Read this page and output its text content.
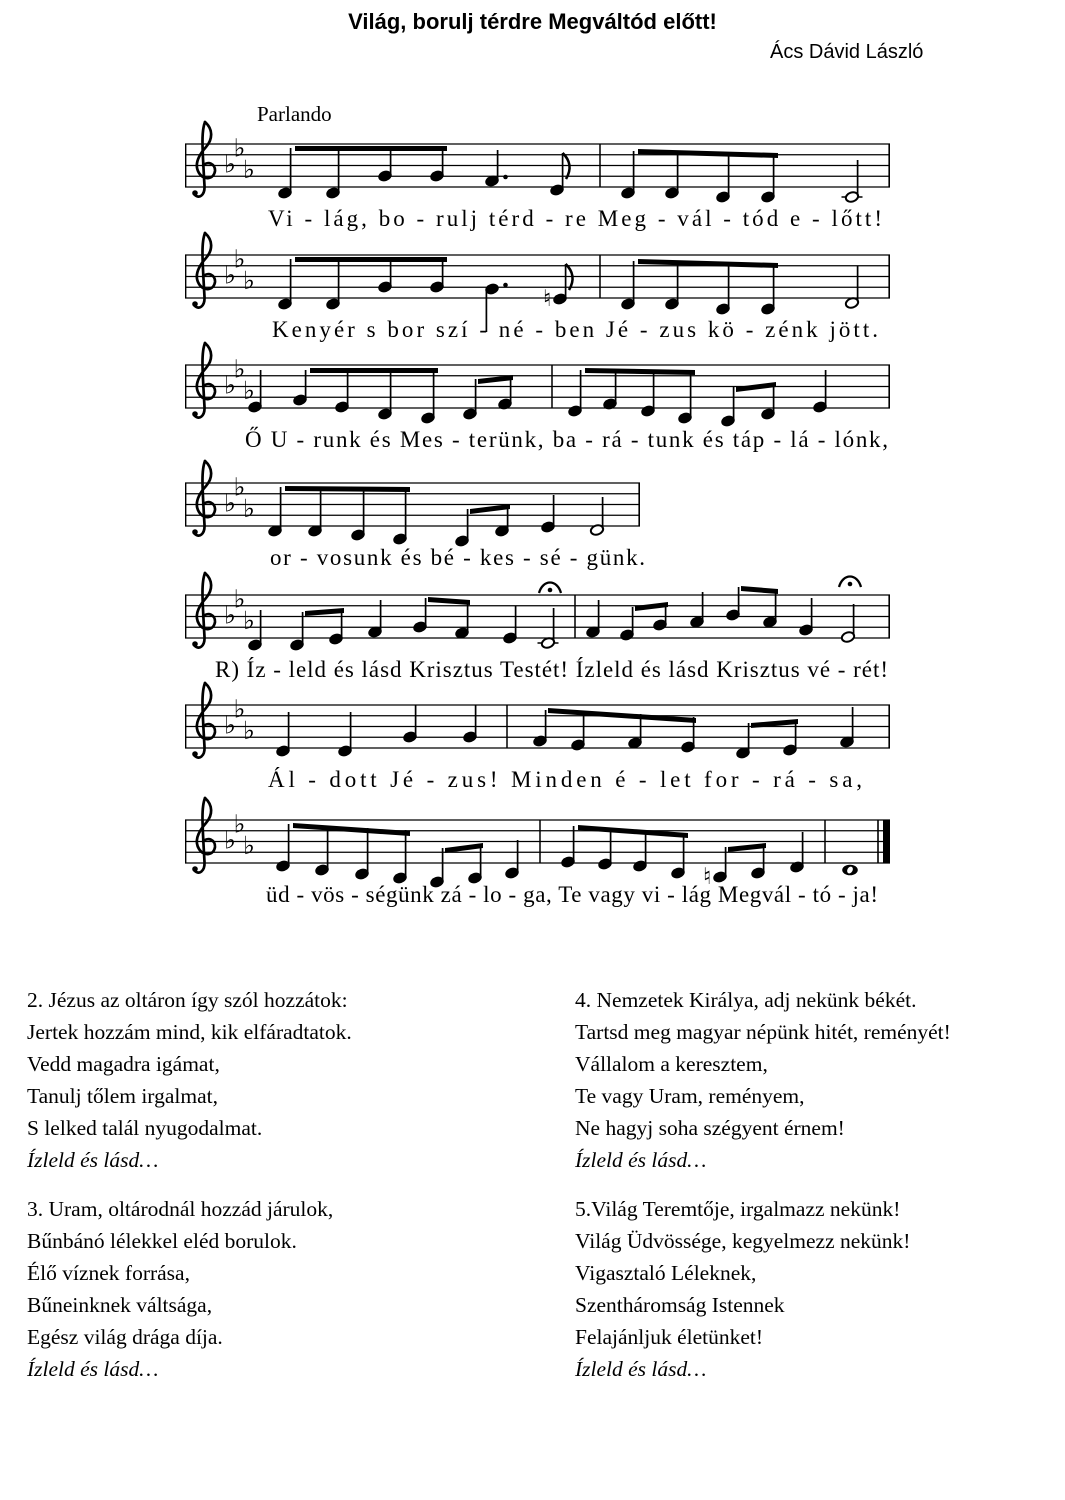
Világ, borulj térdre Megváltód előtt!
Ács Dávid László
Parlando
♭
♭
♭
Vi - lág, bo - rulj térd - re Meg - vál - tód e - lőtt!
♭
♭
♭
♮
Kenyér s bor szí - né - ben Jé - zus kö - zénk jött.
♭
♭
♭
Ő U - runk és Mes - terünk, ba - rá - tunk és táp - lá - lónk,
♭
♭
♭
or - vosunk és bé - kes - sé - günk.
♭
♭
♭
R) Íz - leld és lásd Krisztus Testét! Ízleld és lásd Krisztus vé - rét!
♭
♭
♭
Ál - dott Jé - zus! Minden é - let for - rá - sa,
♭
♭
♭
♮
üd - vös - ségünk zá - lo - ga, Te vagy vi - lág Megvál - tó - ja!
2. Jézus az oltáron így szól hozzátok:
Jertek hozzám mind, kik elfáradtatok.
Vedd magadra igámat,
Tanulj tőlem irgalmat,
S lelked talál nyugodalmat.
Ízleld és lásd…
3. Uram, oltárodnál hozzád járulok,
Bűnbánó lélekkel eléd borulok.
Élő víznek forrása,
Bűneinknek váltsága,
Egész világ drága díja.
Ízleld és lásd…
4. Nemzetek Királya, adj nekünk békét.
Tartsd meg magyar népünk hitét, reményét!
Vállalom a keresztem,
Te vagy Uram, reményem,
Ne hagyj soha szégyent érnem!
Ízleld és lásd…
5.Világ Teremtője, irgalmazz nekünk!
Világ Üdvössége, kegyelmezz nekünk!
Vigasztaló Léleknek,
Szentháromság Istennek
Felajánljuk életünket!
Ízleld és lásd…
